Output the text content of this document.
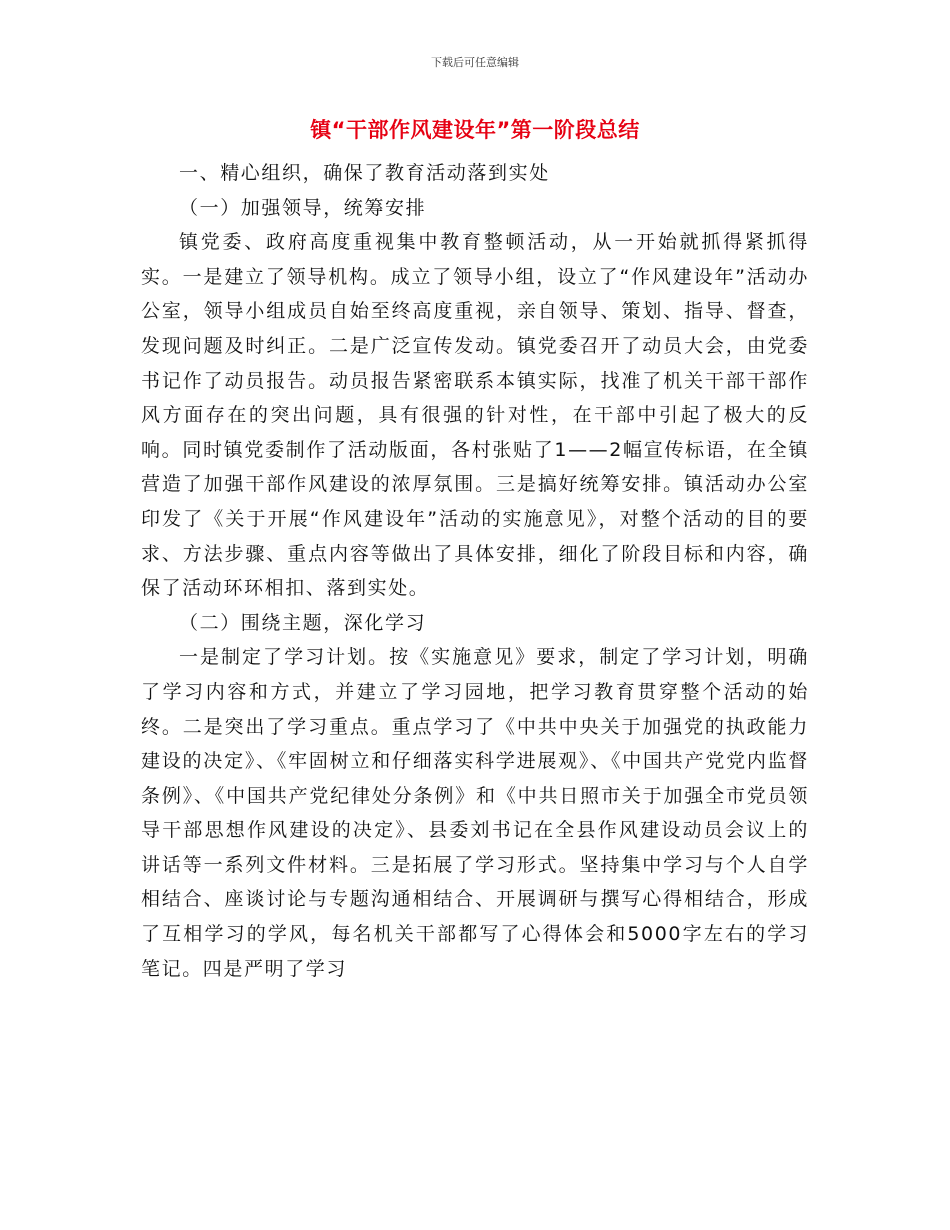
下载后可任意编辑
镇“干部作风建设年”第一阶段总结

一、精心组织，确保了教育活动落到实处

（一）加强领导，统筹安排

镇党委、政府高度重视集中教育整顿活动，从一开始就抓得紧抓得实。一是建立了领导机构。成立了领导小组，设立了“作风建设年”活动办公室，领导小组成员自始至终高度重视，亲自领导、策划、指导、督查，发现问题及时纠正。二是广泛宣传发动。镇党委召开了动员大会，由党委书记作了动员报告。动员报告紧密联系本镇实际，找准了机关干部干部作风方面存在的突出问题，具有很强的针对性，在干部中引起了极大的反响。同时镇党委制作了活动版面，各村张贴了1——2幅宣传标语，在全镇营造了加强干部作风建设的浓厚氛围。三是搞好统筹安排。镇活动办公室印发了《关于开展“作风建设年”活动的实施意见》，对整个活动的目的要求、方法步骤、重点内容等做出了具体安排，细化了阶段目标和内容，确保了活动环环相扣、落到实处。

（二）围绕主题，深化学习

一是制定了学习计划。按《实施意见》要求，制定了学习计划，明确了学习内容和方式，并建立了学习园地，把学习教育贯穿整个活动的始终。二是突出了学习重点。重点学习了《中共中央关于加强党的执政能力建设的决定》、《牢固树立和仔细落实科学进展观》、《中国共产党党内监督条例》、《中国共产党纪律处分条例》和《中共日照市关于加强全市党员领导干部思想作风建设的决定》、县委刘书记在全县作风建设动员会议上的讲话等一系列文件材料。三是拓展了学习形式。坚持集中学习与个人自学相结合、座谈讨论与专题沟通相结合、开展调研与撰写心得相结合，形成了互相学习的学风，每名机关干部都写了心得体会和5000字左右的学习笔记。四是严明了学习
